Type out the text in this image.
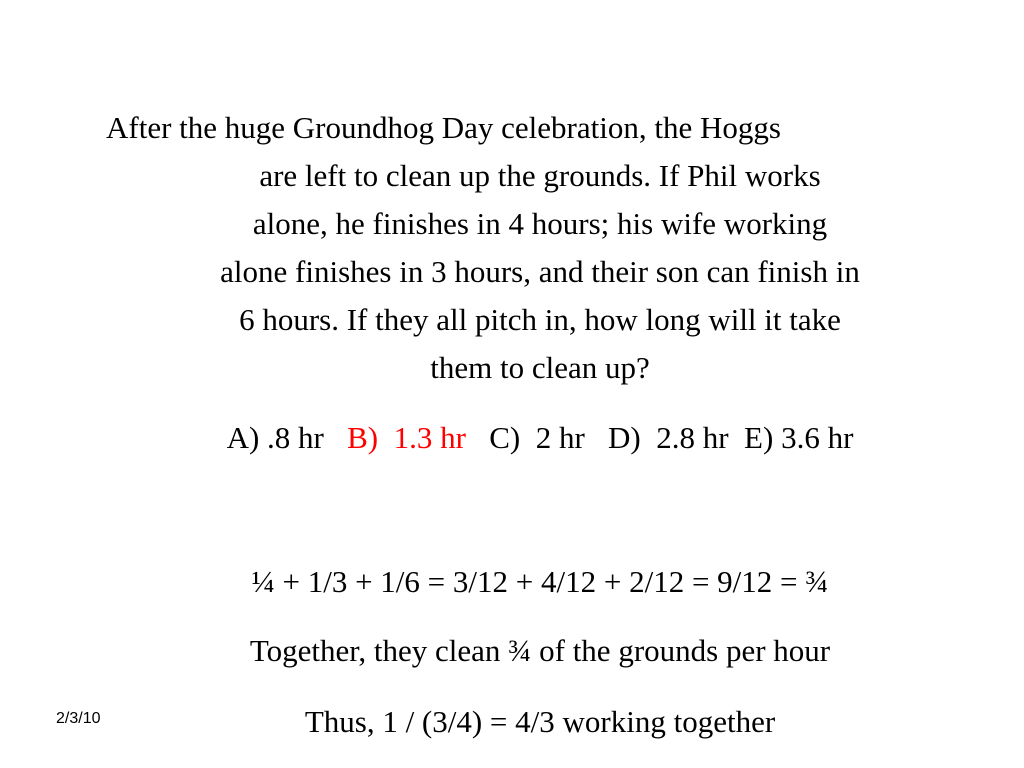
After the huge Groundhog Day celebration, the Hoggs
are left to clean up the grounds. If Phil works
alone, he finishes in 4 hours; his wife working
alone finishes in 3 hours, and their son can finish in
6 hours. If they all pitch in, how long will it take
them to clean up?
A) .8 hr   B)  1.3 hr   C)  2 hr   D)  2.8 hr  E) 3.6 hr
¼ + 1/3 + 1/6 = 3/12 + 4/12 + 2/12 = 9/12 = ¾
Together, they clean ¾ of the grounds per hour
Thus, 1 / (3/4) = 4/3 working together
2/3/10
